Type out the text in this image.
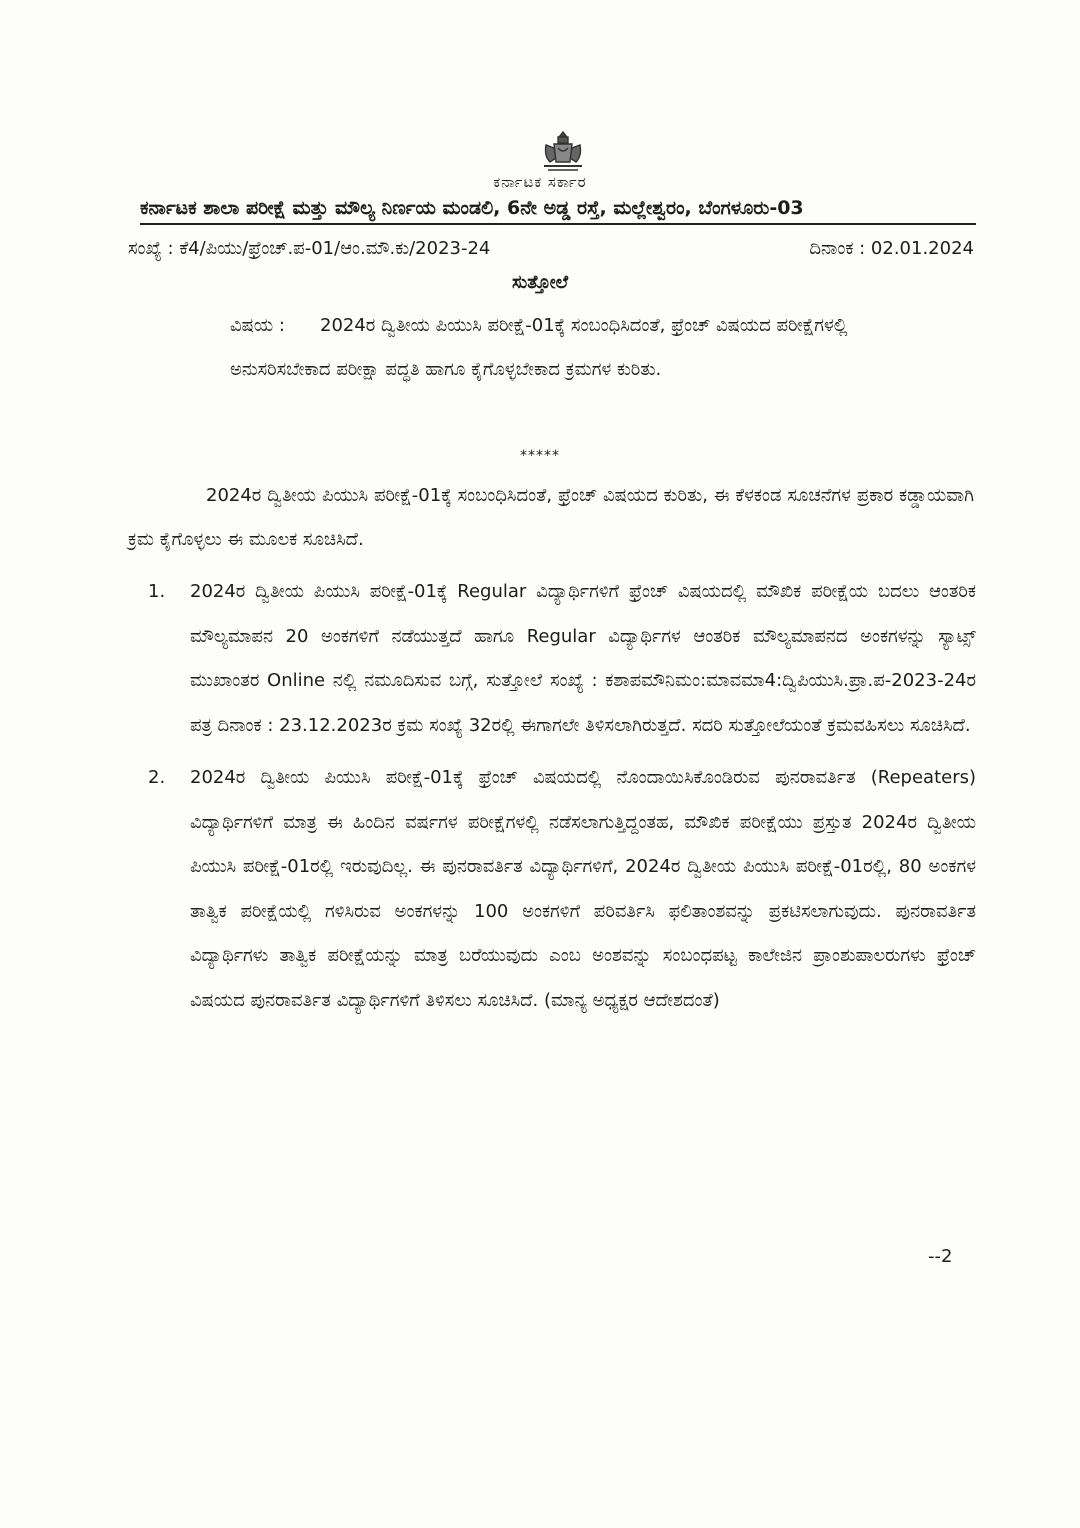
ಕರ್ನಾಟಕ ಸರ್ಕಾರ
ಕರ್ನಾಟಕ ಶಾಲಾ ಪರೀಕ್ಷೆ ಮತ್ತು ಮೌಲ್ಯ ನಿರ್ಣಯ ಮಂಡಲಿ, 6ನೇ ಅಡ್ಡ ರಸ್ತೆ, ಮಲ್ಲೇಶ್ವರಂ, ಬೆಂಗಳೂರು-03
ಸಂಖ್ಯೆ : ಕೆ4/ಪಿಯು/ಫ್ರೆಂಚ್.ಪ-01/ಆಂ.ಮೌ.ಕು/2023-24	ದಿನಾಂಕ : 02.01.2024
ಸುತ್ತೋಲೆ
ವಿಷಯ : 2024ರ ದ್ವಿತೀಯ ಪಿಯುಸಿ ಪರೀಕ್ಷೆ-01ಕ್ಕೆ ಸಂಬಂಧಿಸಿದಂತೆ, ಫ್ರೆಂಚ್ ವಿಷಯದ ಪರೀಕ್ಷೆಗಳಲ್ಲಿ ಅನುಸರಿಸಬೇಕಾದ ಪರೀಕ್ಷಾ ಪದ್ಧತಿ ಹಾಗೂ ಕೈಗೊಳ್ಳಬೇಕಾದ ಕ್ರಮಗಳ ಕುರಿತು.
*****

2024ರ ದ್ವಿತೀಯ ಪಿಯುಸಿ ಪರೀಕ್ಷೆ-01ಕ್ಕೆ ಸಂಬಂಧಿಸಿದಂತೆ, ಫ್ರೆಂಚ್ ವಿಷಯದ ಕುರಿತು, ಈ ಕೆಳಕಂಡ ಸೂಚನೆಗಳ ಪ್ರಕಾರ ಕಡ್ಡಾಯವಾಗಿ ಕ್ರಮ ಕೈಗೊಳ್ಳಲು ಈ ಮೂಲಕ ಸೂಚಿಸಿದೆ.

1. 2024ರ ದ್ವಿತೀಯ ಪಿಯುಸಿ ಪರೀಕ್ಷೆ-01ಕ್ಕೆ Regular ವಿದ್ಯಾರ್ಥಿಗಳಿಗೆ ಫ್ರೆಂಚ್ ವಿಷಯದಲ್ಲಿ ಮೌಖಿಕ ಪರೀಕ್ಷೆಯ ಬದಲು ಆಂತರಿಕ ಮೌಲ್ಯಮಾಪನ 20 ಅಂಕಗಳಿಗೆ ನಡೆಯುತ್ತದೆ ಹಾಗೂ Regular ವಿದ್ಯಾರ್ಥಿಗಳ ಆಂತರಿಕ ಮೌಲ್ಯಮಾಪನದ ಅಂಕಗಳನ್ನು ಸ್ಯಾಟ್ಸ್ ಮುಖಾಂತರ Online ನಲ್ಲಿ ನಮೂದಿಸುವ ಬಗ್ಗೆ, ಸುತ್ತೋಲೆ ಸಂಖ್ಯೆ : ಕಶಾಪಮೌನಿಮಂ:ಮಾವಮಾ4:ದ್ವಿಪಿಯುಸಿ.ಪ್ರಾ.ಪ-2023-24ರ ಪತ್ರ ದಿನಾಂಕ : 23.12.2023ರ ಕ್ರಮ ಸಂಖ್ಯೆ 32ರಲ್ಲಿ ಈಗಾಗಲೇ ತಿಳಿಸಲಾಗಿರುತ್ತದೆ. ಸದರಿ ಸುತ್ತೋಲೆಯಂತೆ ಕ್ರಮವಹಿಸಲು ಸೂಚಿಸಿದೆ.
2. 2024ರ ದ್ವಿತೀಯ ಪಿಯುಸಿ ಪರೀಕ್ಷೆ-01ಕ್ಕೆ ಫ್ರೆಂಚ್ ವಿಷಯದಲ್ಲಿ ನೊಂದಾಯಿಸಿಕೊಂಡಿರುವ ಪುನರಾವರ್ತಿತ (Repeaters) ವಿದ್ಯಾರ್ಥಿಗಳಿಗೆ ಮಾತ್ರ ಈ ಹಿಂದಿನ ವರ್ಷಗಳ ಪರೀಕ್ಷೆಗಳಲ್ಲಿ ನಡೆಸಲಾಗುತ್ತಿದ್ದಂತಹ, ಮೌಖಿಕ ಪರೀಕ್ಷೆಯು ಪ್ರಸ್ತುತ 2024ರ ದ್ವಿತೀಯ ಪಿಯುಸಿ ಪರೀಕ್ಷೆ-01ರಲ್ಲಿ ಇರುವುದಿಲ್ಲ. ಈ ಪುನರಾವರ್ತಿತ ವಿದ್ಯಾರ್ಥಿಗಳಿಗೆ, 2024ರ ದ್ವಿತೀಯ ಪಿಯುಸಿ ಪರೀಕ್ಷೆ-01ರಲ್ಲಿ, 80 ಅಂಕಗಳ ತಾತ್ವಿಕ ಪರೀಕ್ಷೆಯಲ್ಲಿ ಗಳಿಸಿರುವ ಅಂಕಗಳನ್ನು 100 ಅಂಕಗಳಿಗೆ ಪರಿವರ್ತಿಸಿ ಫಲಿತಾಂಶವನ್ನು ಪ್ರಕಟಿಸಲಾಗುವುದು. ಪುನರಾವರ್ತಿತ ವಿದ್ಯಾರ್ಥಿಗಳು ತಾತ್ವಿಕ ಪರೀಕ್ಷೆಯನ್ನು ಮಾತ್ರ ಬರೆಯುವುದು ಎಂಬ ಅಂಶವನ್ನು ಸಂಬಂಧಪಟ್ಟ ಕಾಲೇಜಿನ ಪ್ರಾಂಶುಪಾಲರುಗಳು ಫ್ರೆಂಚ್ ವಿಷಯದ ಪುನರಾವರ್ತಿತ ವಿದ್ಯಾರ್ಥಿಗಳಿಗೆ ತಿಳಿಸಲು ಸೂಚಿಸಿದೆ. (ಮಾನ್ಯ ಅಧ್ಯಕ್ಷರ ಆದೇಶದಂತೆ)
--2
